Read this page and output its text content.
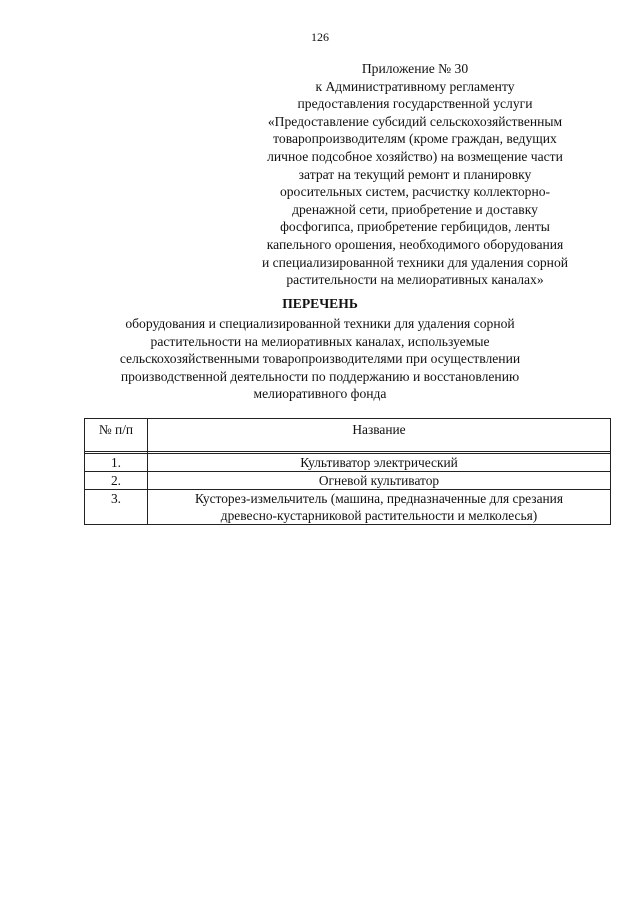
126
Приложение № 30
к Административному регламенту
предоставления государственной услуги
«Предоставление субсидий сельскохозяйственным
товаропроизводителям (кроме граждан, ведущих
личное подсобное хозяйство) на возмещение части
затрат на текущий ремонт и планировку
оросительных систем, расчистку коллекторно-
дренажной сети, приобретение и доставку
фосфогипса, приобретение гербицидов, ленты
капельного орошения, необходимого оборудования
и специализированной техники для удаления сорной
растительности на мелиоративных каналах»
ПЕРЕЧЕНЬ
оборудования и специализированной техники для удаления сорной
растительности на мелиоративных каналах, используемые
сельскохозяйственными товаропроизводителями при осуществлении
производственной деятельности по поддержанию и восстановлению
мелиоративного фонда
№ п/п	Название

1.	Культиватор электрический

2.	Огневой культиватор

3.	Кусторез-измельчитель (машина, предназначенные для срезания
древесно-кустарниковой растительности и мелколесья)
